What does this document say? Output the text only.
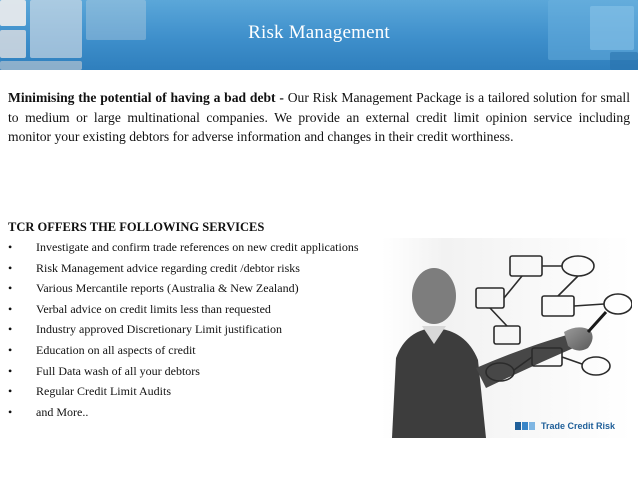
Risk Management

Minimising the potential of having a bad debt - Our Risk Management Package is a tailored solution for small to medium or large multinational companies. We provide an external credit limit opinion service including monitor your existing debtors for adverse information and changes in their credit worthiness.

TCR OFFERS THE FOLLOWING SERVICES
• Investigate and confirm trade references on new credit applications
• Risk Management advice regarding credit /debtor risks
• Various Mercantile reports (Australia & New Zealand)
• Verbal advice on credit limits less than requested
• Industry approved Discretionary Limit justification
• Education on all aspects of credit
• Full Data wash of all your debtors
• Regular Credit Limit Audits
• and More..
Trade Credit Risk
